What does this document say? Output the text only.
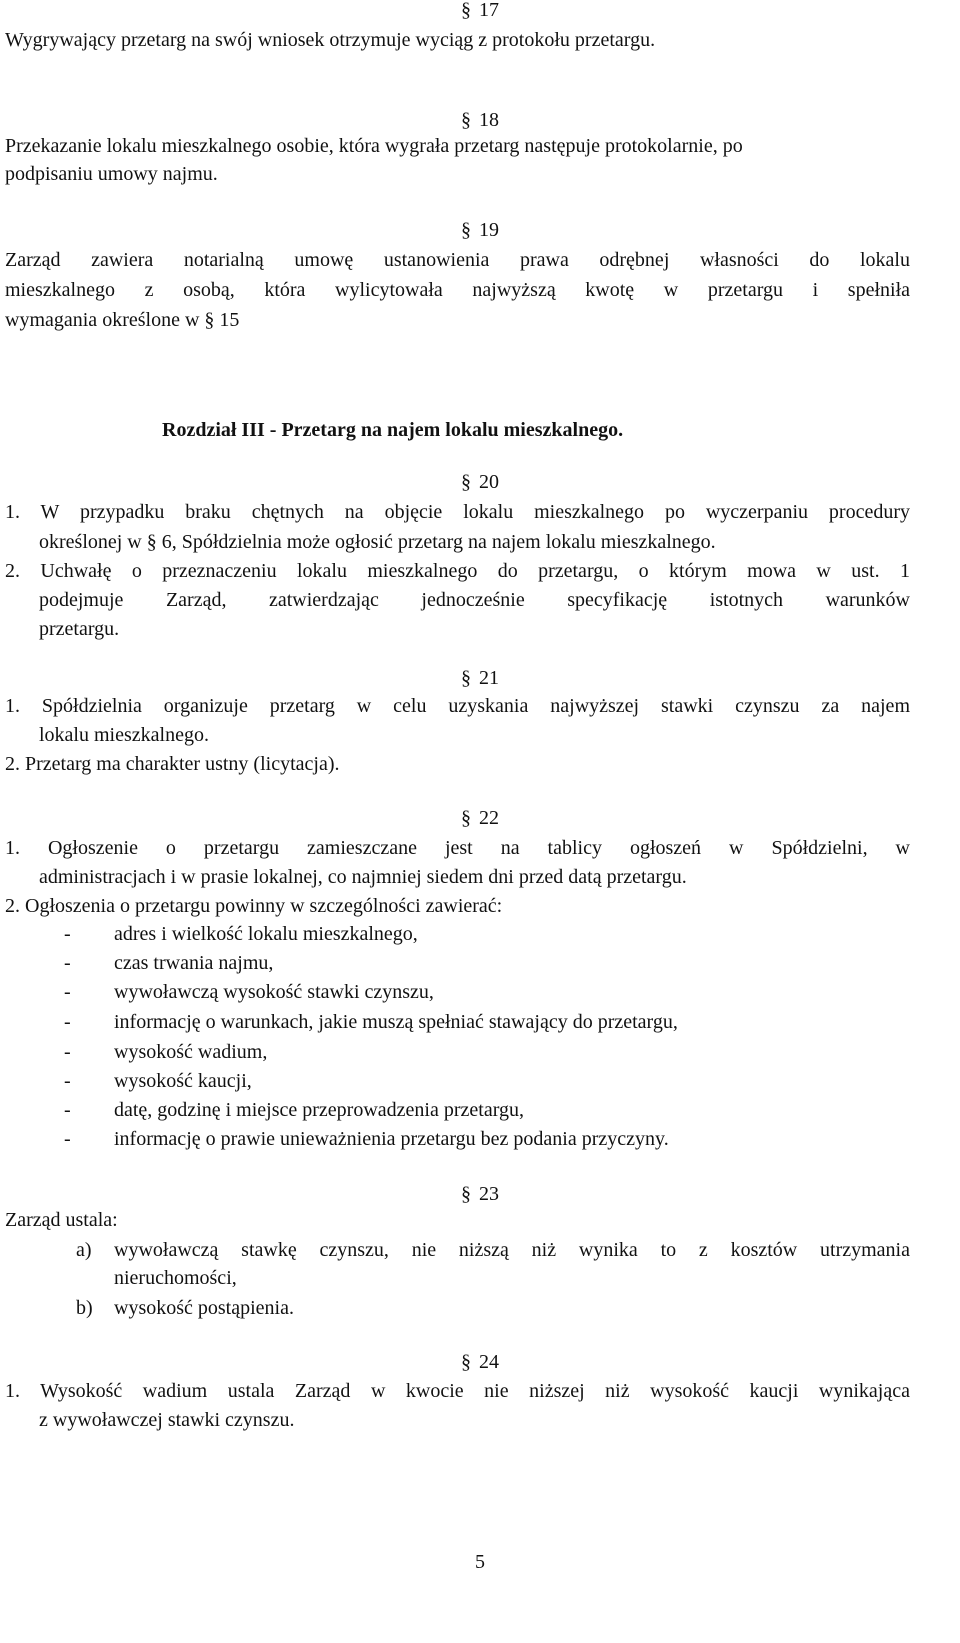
§ 17
Wygrywający przetarg na swój wniosek otrzymuje wyciąg z protokołu przetargu.
§ 18
Przekazanie lokalu mieszkalnego osobie, która wygrała przetarg następuje protokolarnie, po
podpisaniu umowy najmu.
§ 19
Zarząd zawiera notarialną umowę ustanowienia prawa odrębnej własności do lokalu
mieszkalnego z osobą, która wylicytowała najwyższą kwotę w przetargu i spełniła
wymagania określone w § 15
Rozdział III - Przetarg na najem lokalu mieszkalnego.
§ 20
1. W przypadku braku chętnych na objęcie lokalu mieszkalnego po wyczerpaniu procedury
określonej w § 6, Spółdzielnia może ogłosić przetarg na najem lokalu mieszkalnego.
2. Uchwałę o przeznaczeniu lokalu mieszkalnego do przetargu, o którym mowa w ust. 1
podejmuje Zarząd, zatwierdzając jednocześnie specyfikację istotnych warunków
przetargu.
§ 21
1. Spółdzielnia organizuje przetarg w celu uzyskania najwyższej stawki czynszu za najem
lokalu mieszkalnego.
2. Przetarg ma charakter ustny (licytacja).
§ 22
1. Ogłoszenie o przetargu zamieszczane jest na tablicy ogłoszeń w Spółdzielni, w
administracjach i w prasie lokalnej, co najmniej siedem dni przed datą przetargu.
2. Ogłoszenia o przetargu powinny w szczególności zawierać:
- adres i wielkość lokalu mieszkalnego,
- czas trwania najmu,
- wywoławczą wysokość stawki czynszu,
- informację o warunkach, jakie muszą spełniać stawający do przetargu,
- wysokość wadium,
- wysokość kaucji,
- datę, godzinę i miejsce przeprowadzenia przetargu,
- informację o prawie unieważnienia przetargu bez podania przyczyny.
§ 23
Zarząd ustala:
a) wywoławczą stawkę czynszu, nie niższą niż wynika to z kosztów utrzymania
nieruchomości,
b) wysokość postąpienia.
§ 24
1. Wysokość wadium ustala Zarząd w kwocie nie niższej niż wysokość kaucji wynikająca
z wywoławczej stawki czynszu.
5
